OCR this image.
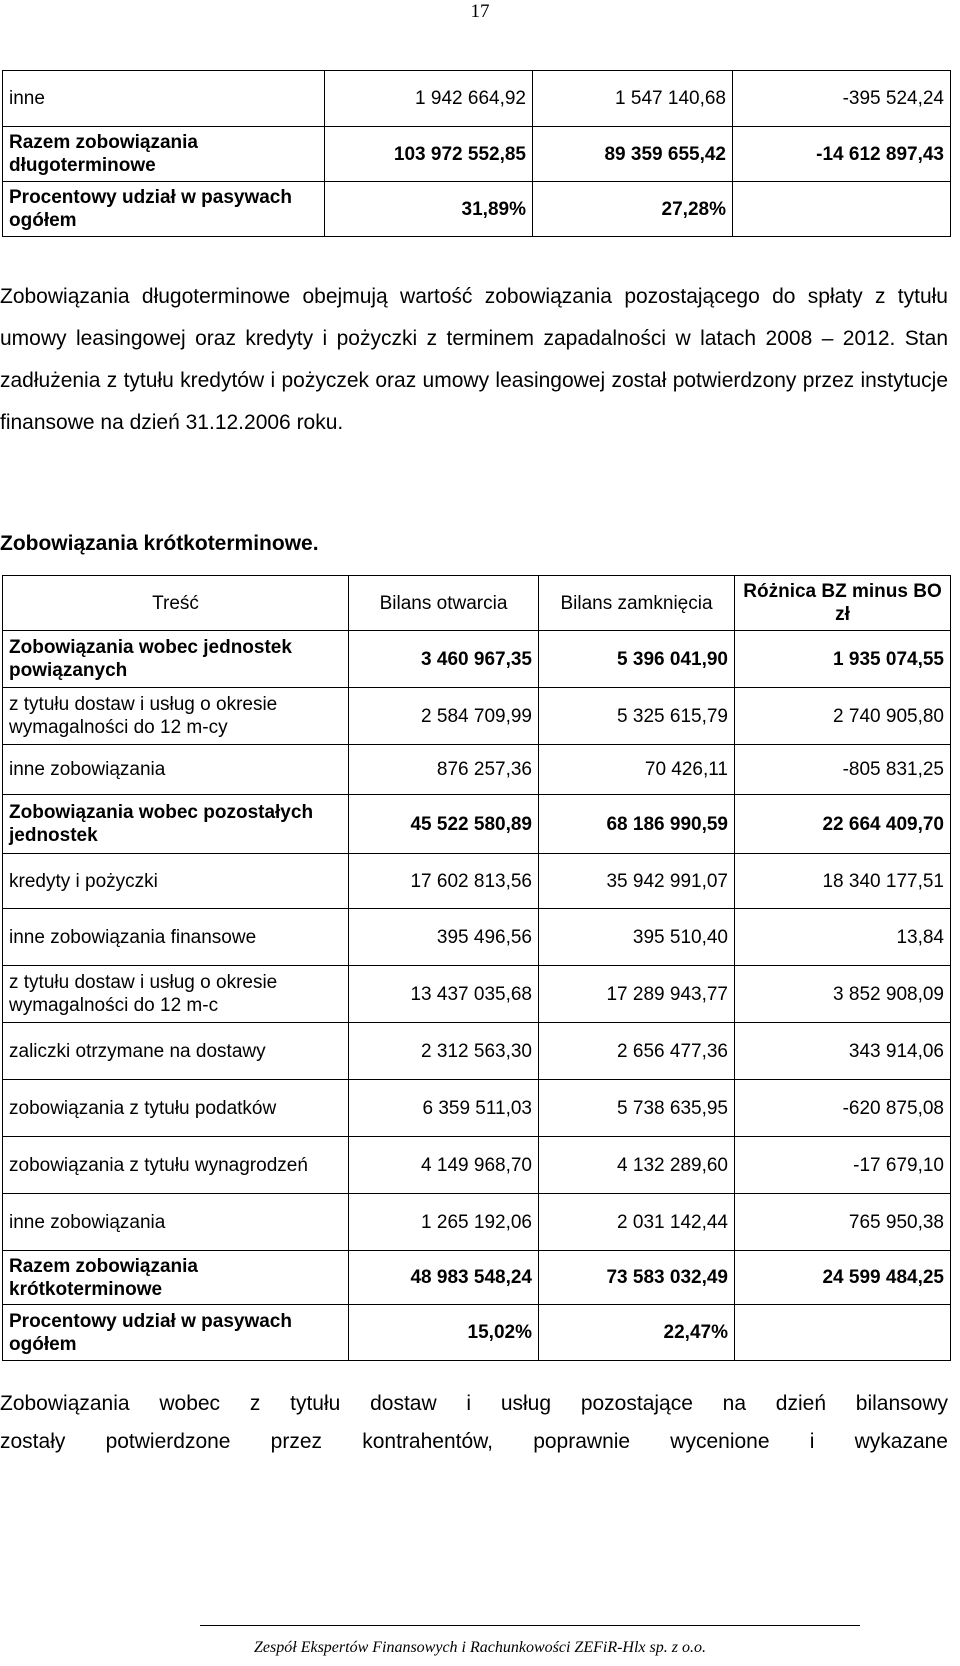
17
inne	1 942 664,92	1 547 140,68	-395 524,24
Razem zobowiązania długoterminowe	103 972 552,85	89 359 655,42	-14 612 897,43
Procentowy udział w pasywach ogółem	31,89%	27,28%	
Zobowiązania długoterminowe obejmują wartość zobowiązania pozostającego do spłaty z tytułu umowy leasingowej oraz kredyty i pożyczki z terminem zapadalności w latach 2008 – 2012. Stan zadłużenia z tytułu kredytów i pożyczek oraz umowy leasingowej został potwierdzony przez instytucje finansowe na dzień 31.12.2006 roku.
Zobowiązania krótkoterminowe.
Treść	Bilans otwarcia	Bilans zamknięcia	Różnica BZ minus BO zł
Zobowiązania wobec jednostek powiązanych	3 460 967,35	5 396 041,90	1 935 074,55
z tytułu dostaw i usług o okresie wymagalności do 12 m-cy	2 584 709,99	5 325 615,79	2 740 905,80
inne zobowiązania	876 257,36	70 426,11	-805 831,25
Zobowiązania wobec pozostałych jednostek	45 522 580,89	68 186 990,59	22 664 409,70
kredyty i pożyczki	17 602 813,56	35 942 991,07	18 340 177,51
inne zobowiązania finansowe	395 496,56	395 510,40	13,84
z tytułu dostaw i usług o okresie wymagalności do 12 m-c	13 437 035,68	17 289 943,77	3 852 908,09
zaliczki otrzymane na dostawy	2 312 563,30	2 656 477,36	343 914,06
zobowiązania z tytułu podatków	6 359 511,03	5 738 635,95	-620 875,08
zobowiązania z tytułu wynagrodzeń	4 149 968,70	4 132 289,60	-17 679,10
inne zobowiązania	1 265 192,06	2 031 142,44	765 950,38
Razem zobowiązania krótkoterminowe	48 983 548,24	73 583 032,49	24 599 484,25
Procentowy udział w pasywach ogółem	15,02%	22,47%	
Zobowiązania wobec z tytułu dostaw i usług pozostające na dzień bilansowy
zostały potwierdzone przez kontrahentów, poprawnie wycenione i wykazane
Zespół Ekspertów Finansowych i Rachunkowości ZEFiR-Hlx sp. z o.o.
